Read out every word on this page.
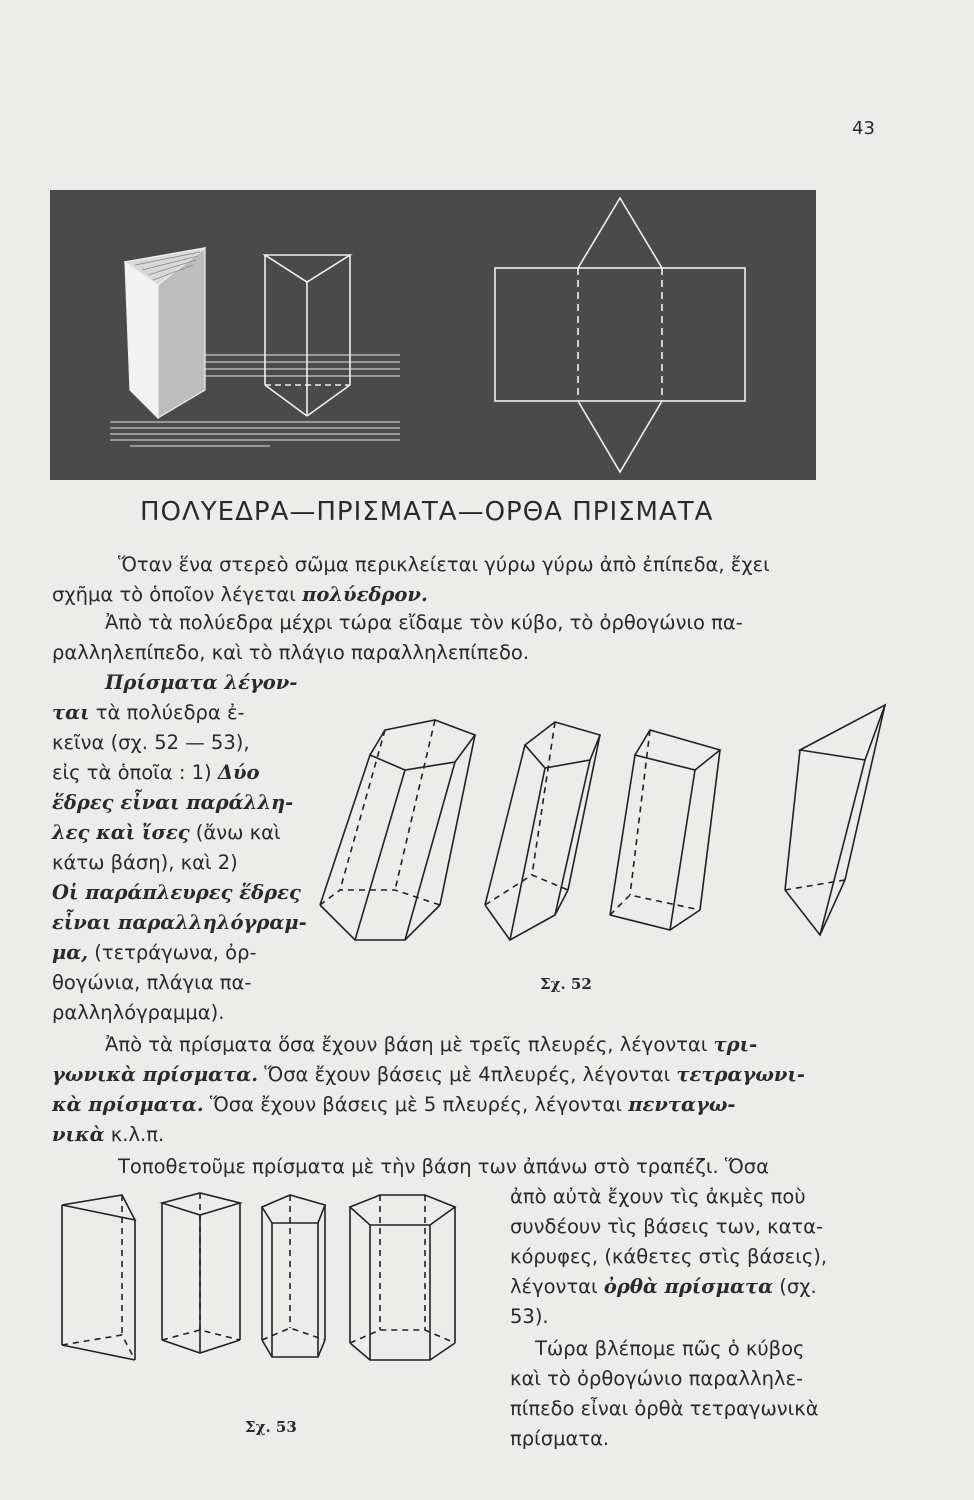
43
ΠΟΛΥΕΔΡΑ—ΠΡΙΣΜΑΤΑ—ΟΡΘΑ ΠΡΙΣΜΑΤΑ
Ὅταν ἕνα στερεὸ σῶμα περικλείεται γύρω γύρω ἀπὸ ἐπίπεδα, ἔχει
σχῆμα τὸ ὁποῖον λέγεται πολύεδρον.
Ἀπὸ τὰ πολύεδρα μέχρι τώρα εἴδαμε τὸν κύβο, τὸ ὀρθογώνιο πα-
ραλληλεπίπεδο, καὶ τὸ πλάγιο παραλληλεπίπεδο.
Πρίσματα λέγον-
ται τὰ πολύεδρα ἐ-
κεῖνα (σχ. 52 — 53),
εἰς τὰ ὁποῖα : 1) Δύο
ἕδρες εἶναι παράλλη-
λες καὶ ἴσες (ἄνω καὶ
κάτω βάση), καὶ 2)
Οἱ παράπλευρες ἕδρες
εἶναι παραλληλόγραμ-
μα, (τετράγωνα, ὀρ-
θογώνια, πλάγια πα-
ραλληλόγραμμα).
Σχ. 52
Ἀπὸ τὰ πρίσματα ὅσα ἔχουν βάση μὲ τρεῖς πλευρές, λέγονται τρι-
γωνικὰ πρίσματα. Ὅσα ἔχουν βάσεις μὲ 4πλευρές, λέγονται τετραγωνι-
κὰ πρίσματα. Ὅσα ἔχουν βάσεις μὲ 5 πλευρές, λέγονται πενταγω-
νικὰ κ.λ.π.
Τοποθετοῦμε πρίσματα μὲ τὴν βάση των ἀπάνω στὸ τραπέζι. Ὅσα
ἀπὸ αὐτὰ ἔχουν τὶς ἀκμὲς ποὺ
συνδέουν τὶς βάσεις των, κατα-
κόρυφες, (κάθετες στὶς βάσεις),
λέγονται ὀρθὰ πρίσματα (σχ.
53).
Τώρα βλέπομε πῶς ὁ κύβος
καὶ τὸ ὀρθογώνιο παραλληλε-
πίπεδο εἶναι ὀρθὰ τετραγωνικὰ
πρίσματα.
Σχ. 53
